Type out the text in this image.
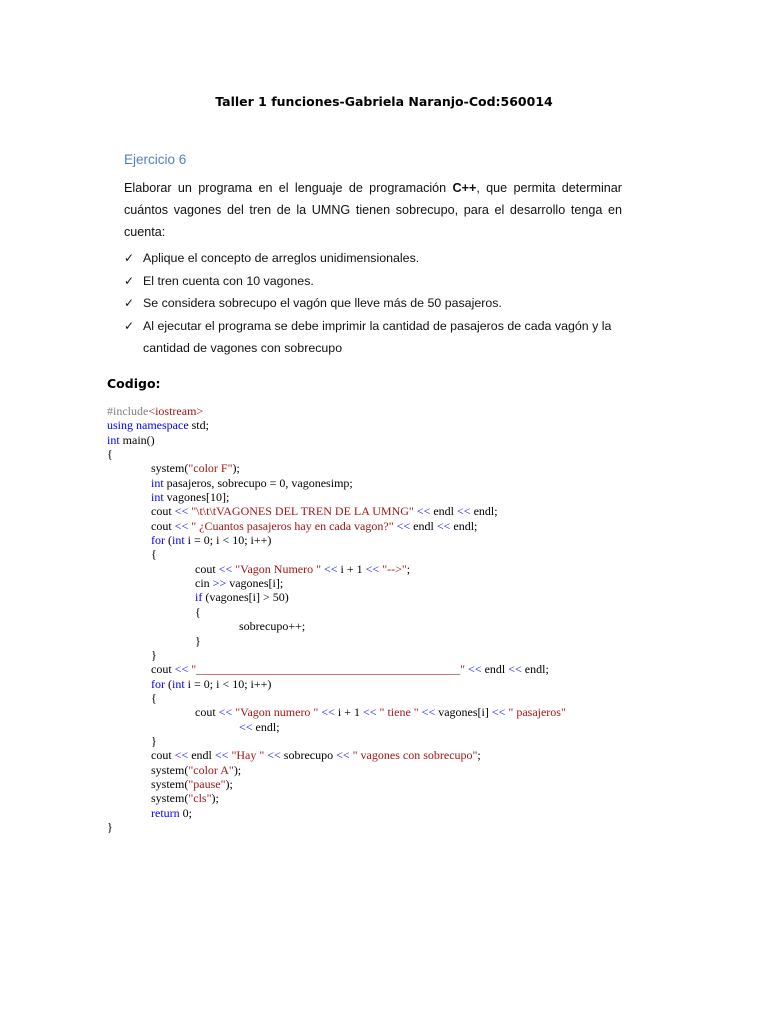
Taller 1 funciones-Gabriela Naranjo-Cod:560014
Ejercicio 6
Elaborar un programa en el lenguaje de programación C++, que permita determinar cuántos vagones del tren de la UMNG tienen sobrecupo, para el desarrollo tenga en cuenta:
✓ Aplique el concepto de arreglos unidimensionales.
✓ El tren cuenta con 10 vagones.
✓ Se considera sobrecupo el vagón que lleve más de 50 pasajeros.
✓ Al ejecutar el programa se debe imprimir la cantidad de pasajeros de cada vagón y la cantidad de vagones con sobrecupo
Codigo:
#include<iostream>
using namespace std;
int main()
{
system("color F");
int pasajeros, sobrecupo = 0, vagonesimp;
int vagones[10];
cout << "\t\t\tVAGONES DEL TREN DE LA UMNG" << endl << endl;
cout << " ¿Cuantos pasajeros hay en cada vagon?" << endl << endl;
for (int i = 0; i < 10; i++)
{
cout << "Vagon Numero " << i + 1 << "-->";
cin >> vagones[i];
if (vagones[i] > 50)
{
sobrecupo++;
}
}
cout << "____________________________________________" << endl << endl;
for (int i = 0; i < 10; i++)
{
cout << "Vagon numero " << i + 1 << " tiene " << vagones[i] << " pasajeros"
<< endl;
}
cout << endl << "Hay " << sobrecupo << " vagones con sobrecupo";
system("color A");
system("pause");
system("cls");
return 0;
}
